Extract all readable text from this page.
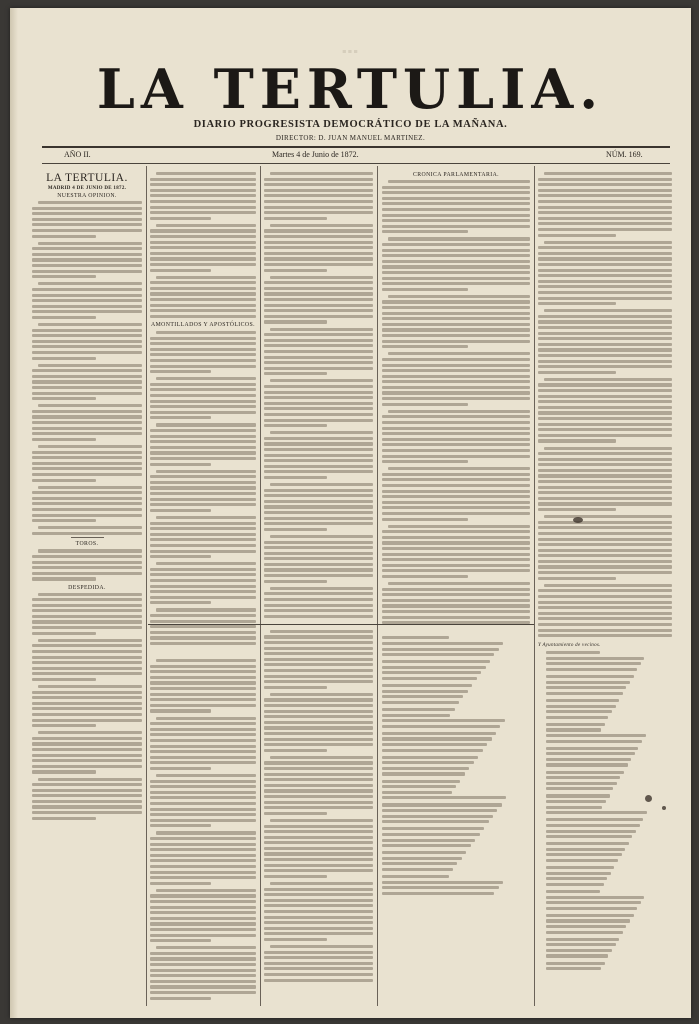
≡ ≡ ≡
LA TERTULIA.
DIARIO PROGRESISTA DEMOCRÁTICO DE LA MAÑANA.
DIRECTOR: D. JUAN MANUEL MARTINEZ.
AÑO II.	Martes 4 de Junio de 1872.	NÚM. 169.
LA TERTULIA.
MADRID 4 DE JUNIO DE 1872.
NUESTRA OPINION.
TOROS.
DESPEDIDA.
AMONTILLADOS Y APOSTÓLICOS.
CRÓNICA PARLAMENTARIA.
Y Ayuntamiento de vecinos.
